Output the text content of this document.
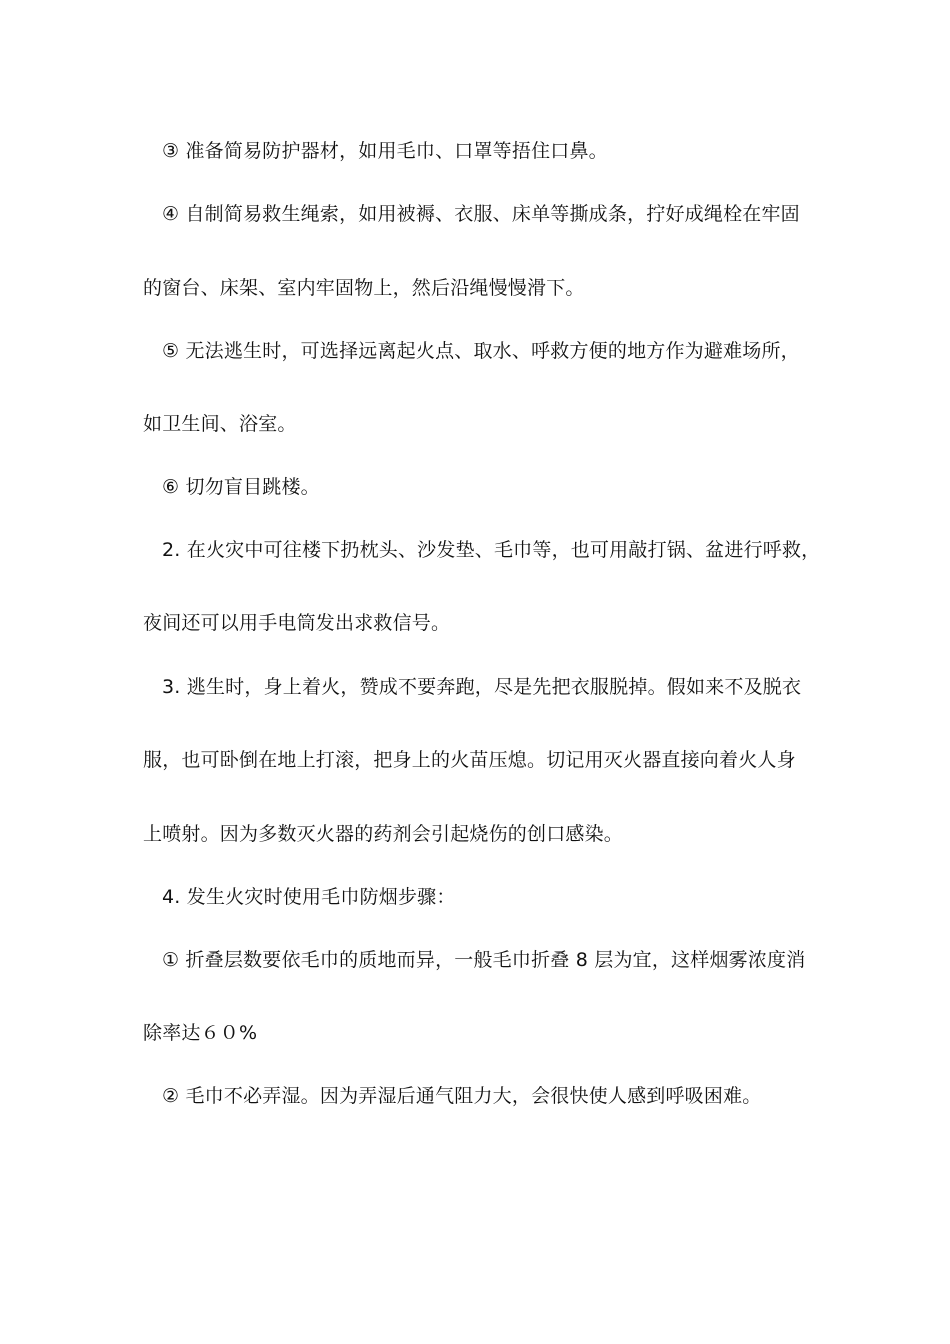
③ 准备简易防护器材，如用毛巾、口罩等捂住口鼻。
④ 自制简易救生绳索，如用被褥、衣服、床单等撕成条，拧好成绳栓在牢固
的窗台、床架、室内牢固物上，然后沿绳慢慢滑下。
⑤ 无法逃生时，可选择远离起火点、取水、呼救方便的地方作为避难场所，
如卫生间、浴室。
⑥ 切勿盲目跳楼。
2. 在火灾中可往楼下扔枕头、沙发垫、毛巾等，也可用敲打锅、盆进行呼救，
夜间还可以用手电筒发出求救信号。
3. 逃生时，身上着火，赞成不要奔跑，尽是先把衣服脱掉。假如来不及脱衣
服，也可卧倒在地上打滚，把身上的火苗压熄。切记用灭火器直接向着火人身
上喷射。因为多数灭火器的药剂会引起烧伤的创口感染。
4. 发生火灾时使用毛巾防烟步骤：
① 折叠层数要依毛巾的质地而异，一般毛巾折叠 8 层为宜，这样烟雾浓度消
除率达６０%
② 毛巾不必弄湿。因为弄湿后通气阻力大，会很快使人感到呼吸困难。
